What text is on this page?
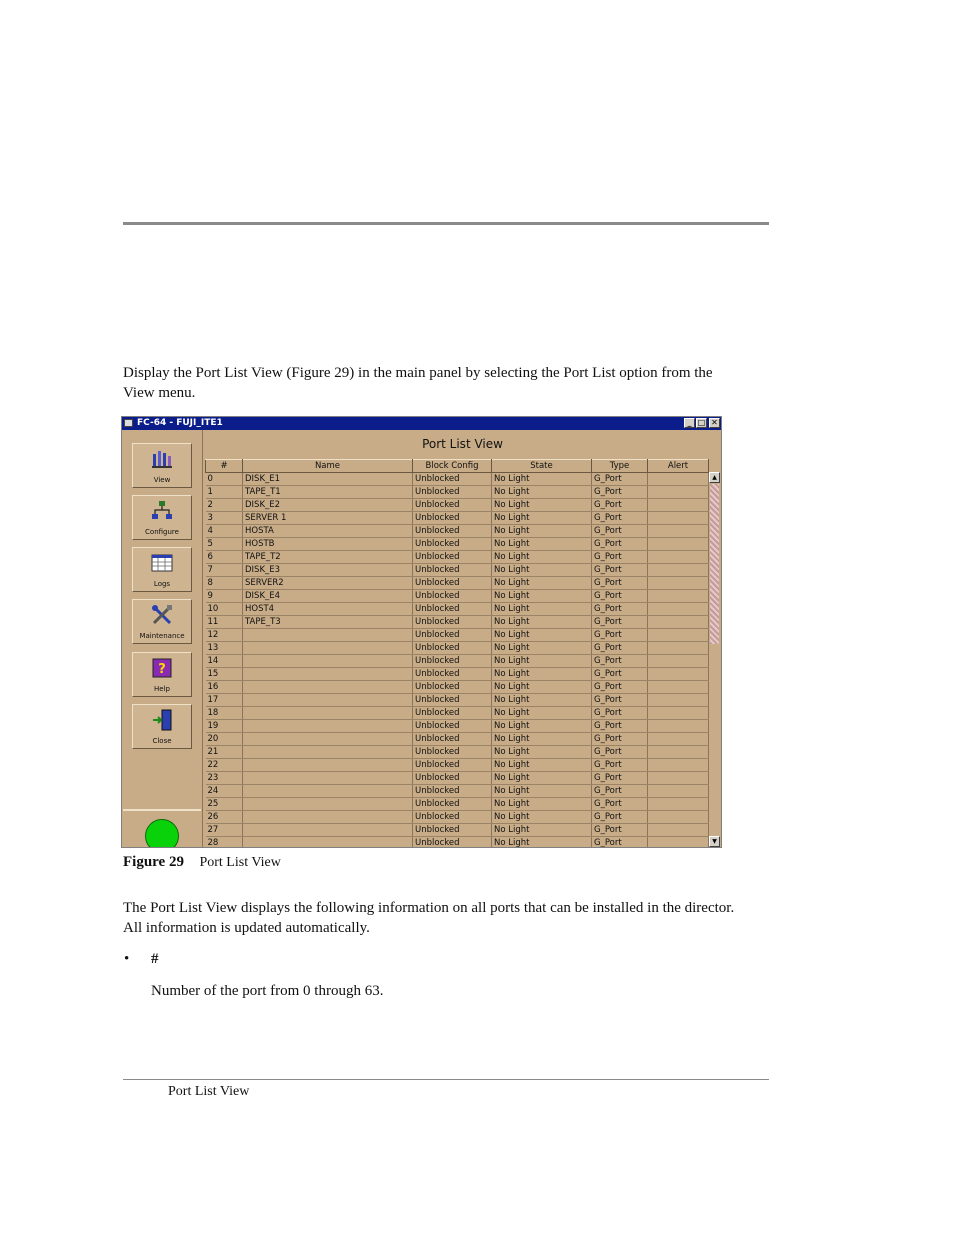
Display the Port List View (Figure 29) in the main panel by selecting the Port List option from the View menu.

FC-64 - FUJI_ITE1	_ □ ✕
View
Configure
Logs
Maintenance
?
Help
Close
Port List View
#	Name	Block Config	State	Type	Alert
0	DISK_E1	Unblocked	No Light	G_Port	
1	TAPE_T1	Unblocked	No Light	G_Port	
2	DISK_E2	Unblocked	No Light	G_Port	
3	SERVER 1	Unblocked	No Light	G_Port	
4	HOSTA	Unblocked	No Light	G_Port	
5	HOSTB	Unblocked	No Light	G_Port	
6	TAPE_T2	Unblocked	No Light	G_Port	
7	DISK_E3	Unblocked	No Light	G_Port	
8	SERVER2	Unblocked	No Light	G_Port	
9	DISK_E4	Unblocked	No Light	G_Port	
10	HOST4	Unblocked	No Light	G_Port	
11	TAPE_T3	Unblocked	No Light	G_Port	
12		Unblocked	No Light	G_Port	
13		Unblocked	No Light	G_Port	
14		Unblocked	No Light	G_Port	
15		Unblocked	No Light	G_Port	
16		Unblocked	No Light	G_Port	
17		Unblocked	No Light	G_Port	
18		Unblocked	No Light	G_Port	
19		Unblocked	No Light	G_Port	
20		Unblocked	No Light	G_Port	
21		Unblocked	No Light	G_Port	
22		Unblocked	No Light	G_Port	
23		Unblocked	No Light	G_Port	
24		Unblocked	No Light	G_Port	
25		Unblocked	No Light	G_Port	
26		Unblocked	No Light	G_Port	
27		Unblocked	No Light	G_Port	
28		Unblocked	No Light	G_Port	
▲
▼
Figure 29 Port List View

The Port List View displays the following information on all ports that can be installed in the director. All information is updated automatically.

• #
Number of the port from 0 through 63.
Port List View
